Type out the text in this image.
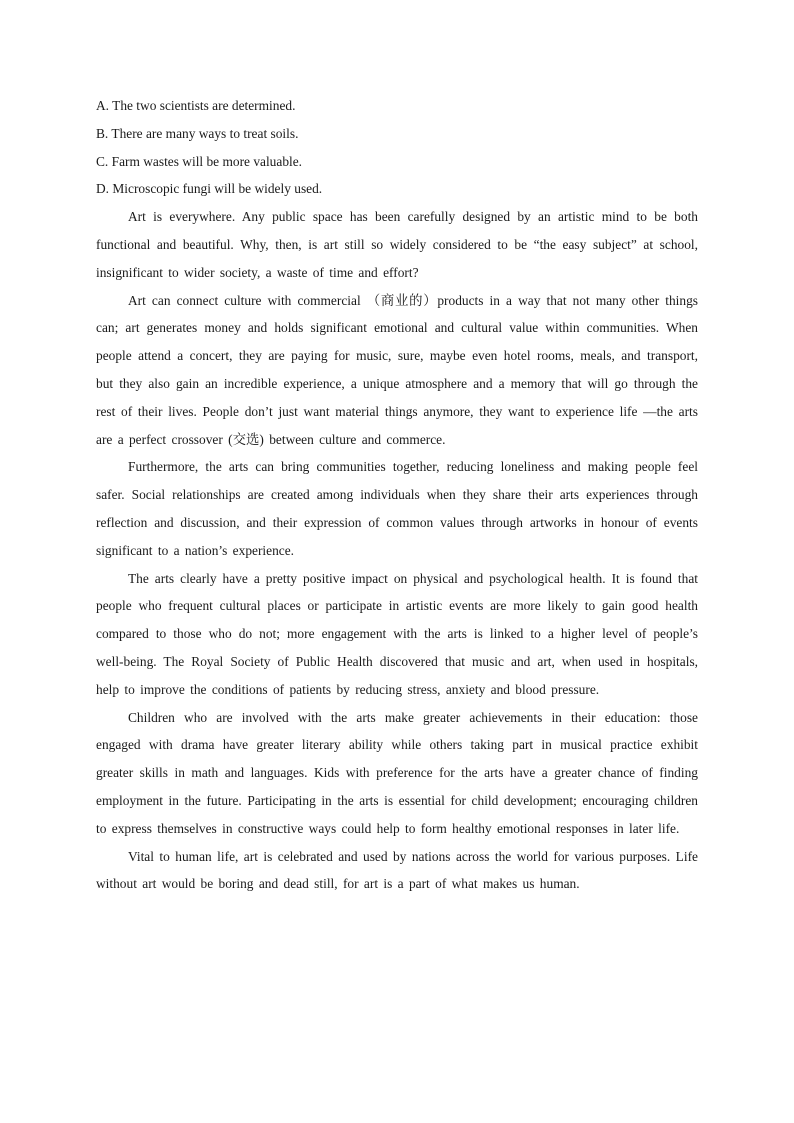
A. The two scientists are determined.

B. There are many ways to treat soils.

C. Farm wastes will be more valuable.

D. Microscopic fungi will be widely used.

Art is everywhere. Any public space has been carefully designed by an artistic mind to be both functional and beautiful. Why, then, is art still so widely considered to be “the easy subject” at school, insignificant to wider society, a waste of time and effort?

Art can connect culture with commercial （商业的）products in a way that not many other things can; art generates money and holds significant emotional and cultural value within communities. When people attend a concert, they are paying for music, sure, maybe even hotel rooms, meals, and transport, but they also gain an incredible experience, a unique atmosphere and a memory that will go through the rest of their lives. People don’t just want material things anymore, they want to experience life —the arts are a perfect crossover (交选) between culture and commerce.

Furthermore, the arts can bring communities together, reducing loneliness and making people feel safer. Social relationships are created among individuals when they share their arts experiences through reflection and discussion, and their expression of common values through artworks in honour of events significant to a nation’s experience.

The arts clearly have a pretty positive impact on physical and psychological health. It is found that people who frequent cultural places or participate in artistic events are more likely to gain good health compared to those who do not; more engagement with the arts is linked to a higher level of people’s well-being. The Royal Society of Public Health discovered that music and art, when used in hospitals, help to improve the conditions of patients by reducing stress, anxiety and blood pressure.

Children who are involved with the arts make greater achievements in their education: those engaged with drama have greater literary ability while others taking part in musical practice exhibit greater skills in math and languages. Kids with preference for the arts have a greater chance of finding employment in the future. Participating in the arts is essential for child development; encouraging children to express themselves in constructive ways could help to form healthy emotional responses in later life.

Vital to human life, art is celebrated and used by nations across the world for various purposes. Life without art would be boring and dead still, for art is a part of what makes us human.
